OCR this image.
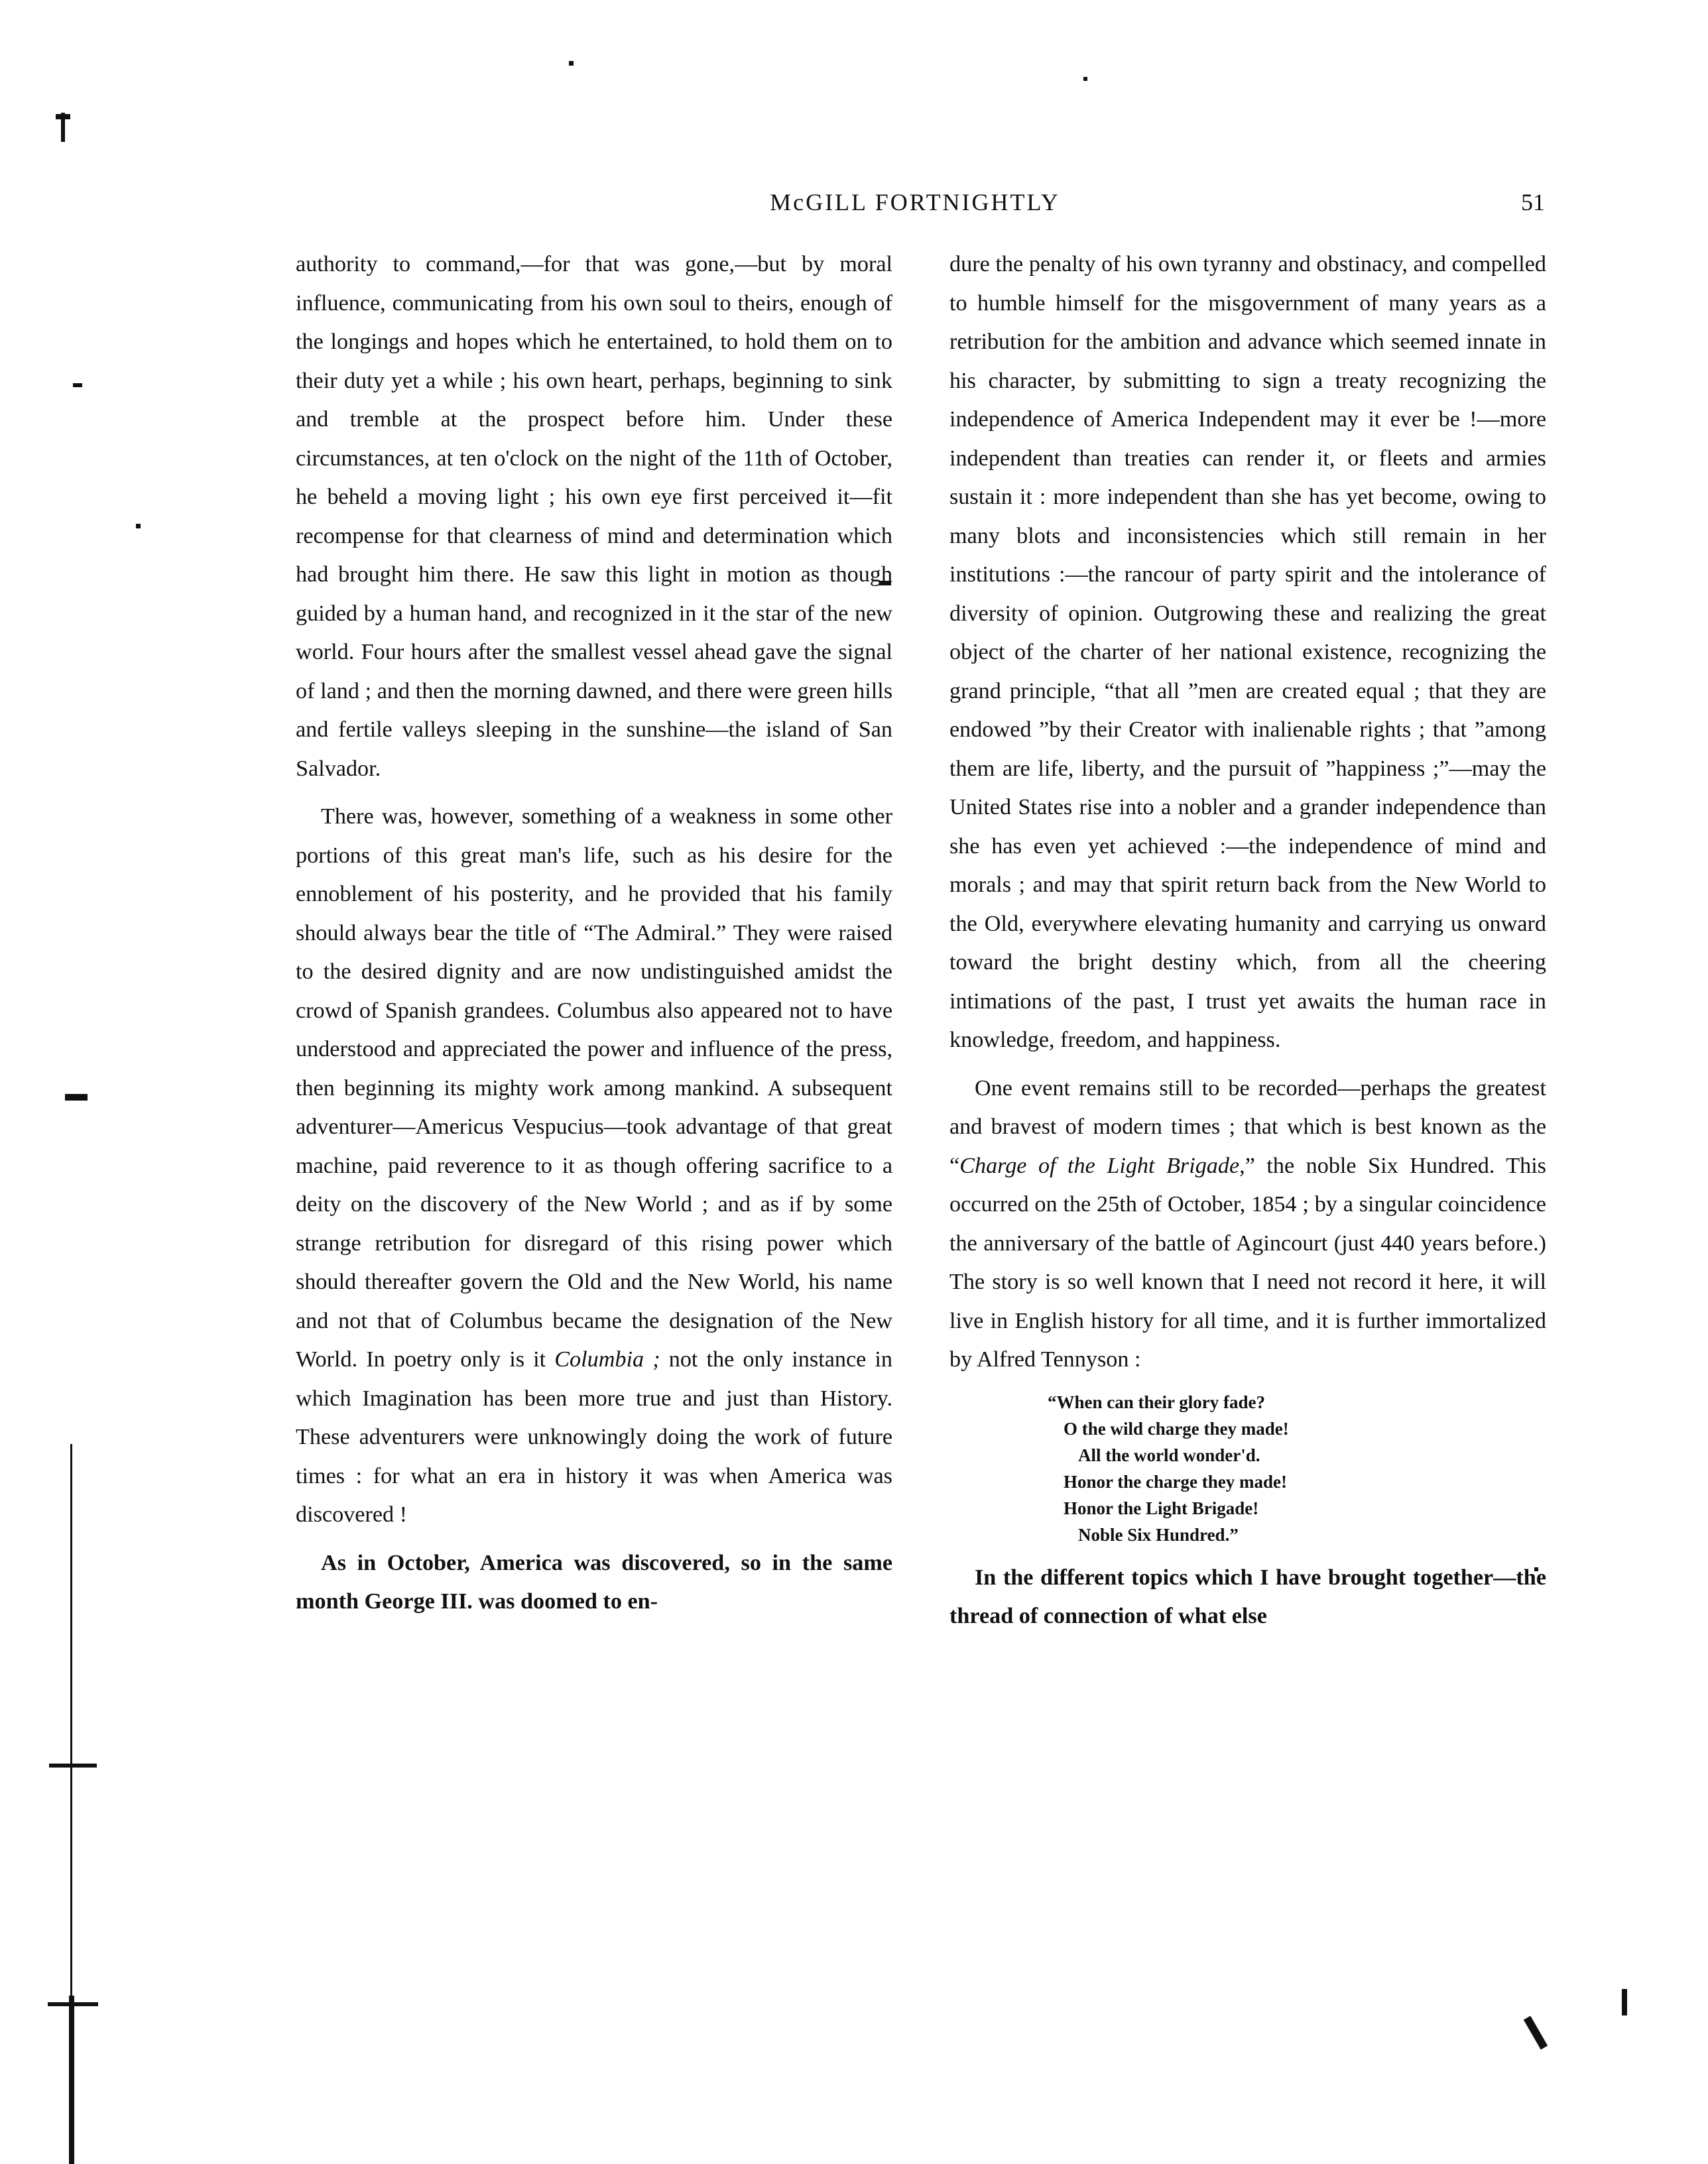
McGILL FORTNIGHTLY	51

authority to command,—for that was gone,—but by moral influence, communicating from his own soul to theirs, enough of the longings and hopes which he entertained, to hold them on to their duty yet a while ; his own heart, perhaps, beginning to sink and tremble at the prospect before him. Under these circumstances, at ten o'clock on the night of the 11th of October, he beheld a moving light ; his own eye first perceived it—fit recompense for that clearness of mind and determination which had brought him there. He saw this light in motion as though guided by a human hand, and recognized in it the star of the new world. Four hours after the smallest vessel ahead gave the signal of land ; and then the morning dawned, and there were green hills and fertile valleys sleeping in the sunshine—the island of San Salvador.

There was, however, something of a weakness in some other portions of this great man's life, such as his desire for the ennoblement of his posterity, and he provided that his family should always bear the title of “The Admiral.” They were raised to the desired dignity and are now undistinguished amidst the crowd of Spanish grandees. Columbus also appeared not to have understood and appreciated the power and influence of the press, then beginning its mighty work among mankind. A subsequent adventurer—Americus Vespucius—took advantage of that great machine, paid reverence to it as though offering sacrifice to a deity on the discovery of the New World ; and as if by some strange retribution for disregard of this rising power which should thereafter govern the Old and the New World, his name and not that of Columbus became the designation of the New World. In poetry only is it Columbia ; not the only instance in which Imagination has been more true and just than History. These adventurers were unknowingly doing the work of future times : for what an era in history it was when America was discovered !

As in October, America was discovered, so in the same month George III. was doomed to en-

dure the penalty of his own tyranny and obstinacy, and compelled to humble himself for the misgovernment of many years as a retribution for the ambition and advance which seemed innate in his character, by submitting to sign a treaty recognizing the independence of America Independent may it ever be !—more independent than treaties can render it, or fleets and armies sustain it : more independent than she has yet become, owing to many blots and inconsistencies which still remain in her institutions :—the rancour of party spirit and the intolerance of diversity of opinion. Outgrowing these and realizing the great object of the charter of her national existence, recognizing the grand principle, “that all ”men are created equal ; that they are endowed ”by their Creator with inalienable rights ; that ”among them are life, liberty, and the pursuit of ”happiness ;”—may the United States rise into a nobler and a grander independence than she has even yet achieved :—the independence of mind and morals ; and may that spirit return back from the New World to the Old, everywhere elevating humanity and carrying us onward toward the bright destiny which, from all the cheering intimations of the past, I trust yet awaits the human race in knowledge, freedom, and happiness.

One event remains still to be recorded—perhaps the greatest and bravest of modern times ; that which is best known as the “Charge of the Light Brigade,” the noble Six Hundred. This occurred on the 25th of October, 1854 ; by a singular coincidence the anniversary of the battle of Agincourt (just 440 years before.) The story is so well known that I need not record it here, it will live in English history for all time, and it is further immortalized by Alfred Tennyson :

“When can their glory fade?
O the wild charge they made!
All the world wonder'd.
Honor the charge they made!
Honor the Light Brigade!
Noble Six Hundred.”

In the different topics which I have brought together—the thread of connection of what else
